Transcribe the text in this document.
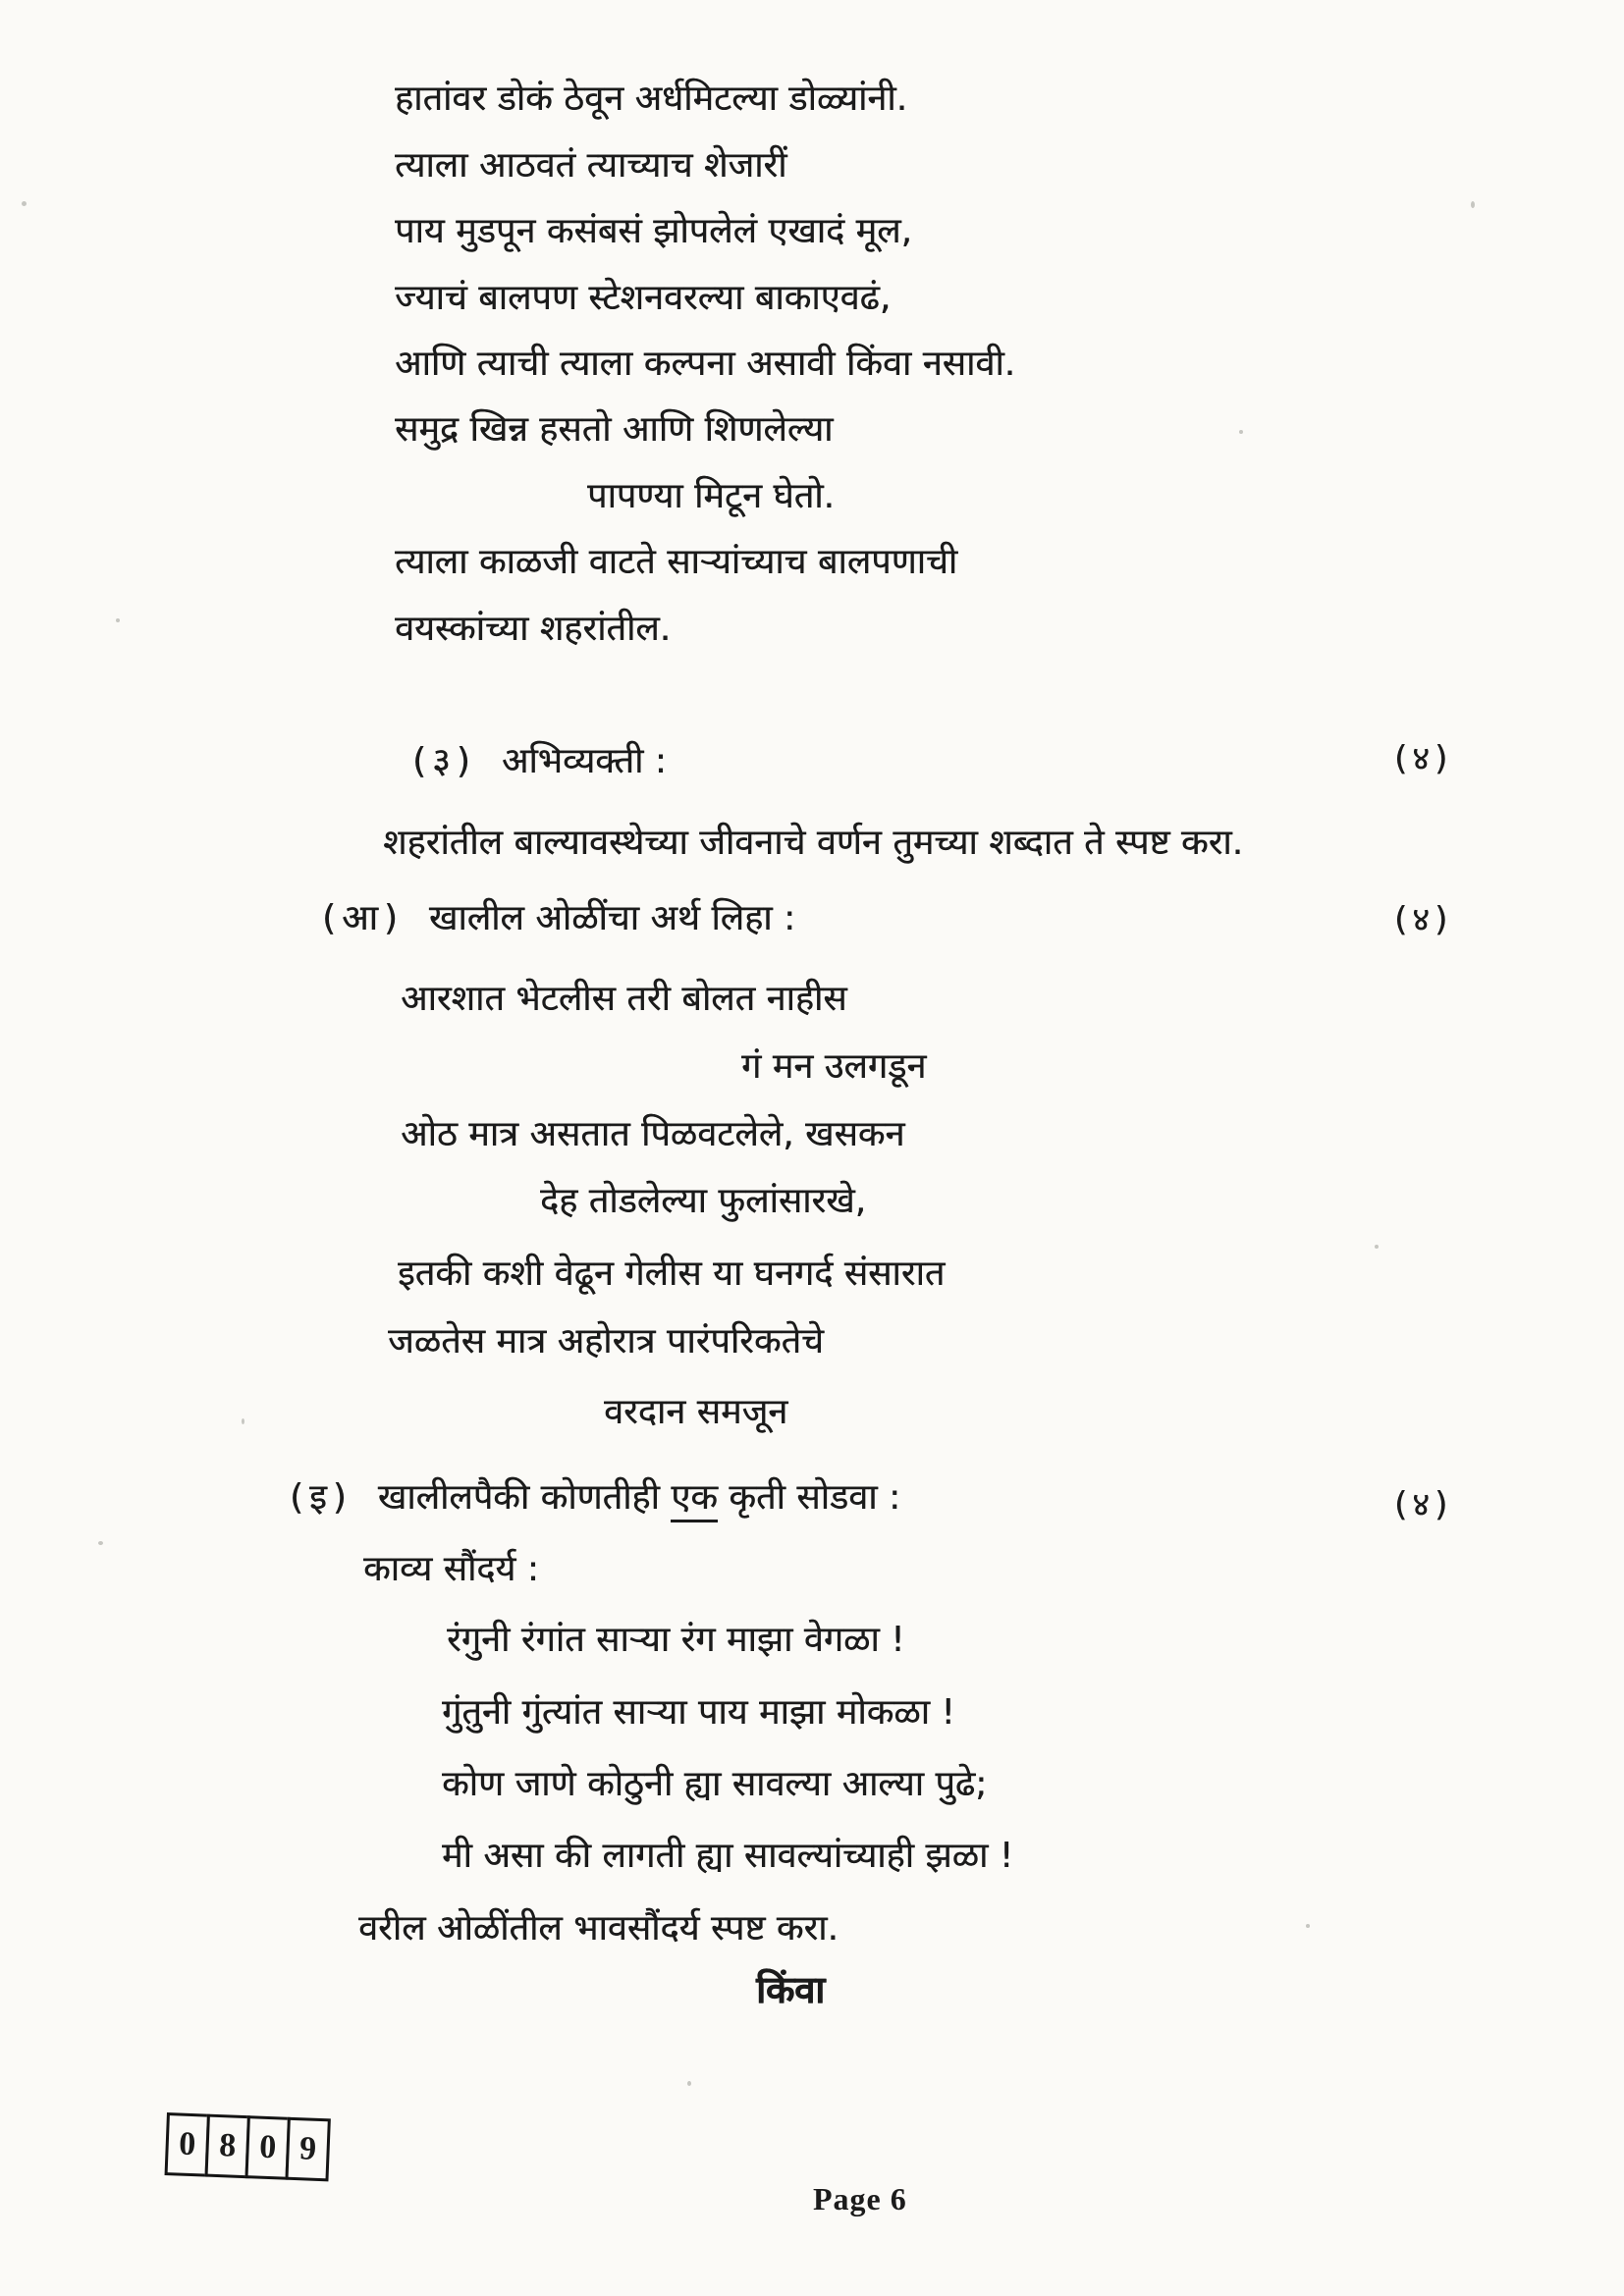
हातांवर डोकं ठेवून अर्धमिटल्या डोळ्यांनी.
त्याला आठवतं त्याच्याच शेजारीं
पाय मुडपून कसंबसं झोपलेलं एखादं मूल,
ज्याचं बालपण स्टेशनवरल्या बाकाएवढं,
आणि त्याची त्याला कल्पना असावी किंवा नसावी.
समुद्र खिन्न हसतो आणि शिणलेल्या
पापण्या मिटून घेतो.
त्याला काळजी वाटते साऱ्यांच्याच बालपणाची
वयस्कांच्या शहरांतील.
(३) अभिव्यक्ती :	(४)
शहरांतील बाल्यावस्थेच्या जीवनाचे वर्णन तुमच्या शब्दात ते स्पष्ट करा.
(आ) खालील ओळींचा अर्थ लिहा :	(४)
आरशात भेटलीस तरी बोलत नाहीस
गं मन उलगडून
ओठ मात्र असतात पिळवटलेले, खसकन
देह तोडलेल्या फुलांसारखे,
इतकी कशी वेढून गेलीस या घनगर्द संसारात
जळतेस मात्र अहोरात्र पारंपरिकतेचे
वरदान समजून
(इ) खालीलपैकी कोणतीही एक कृती सोडवा :	(४)
काव्य सौंदर्य :
रंगुनी रंगांत साऱ्या रंग माझा वेगळा !
गुंतुनी गुंत्यांत साऱ्या पाय माझा मोकळा !
कोण जाणे कोठुनी ह्या सावल्या आल्या पुढे;
मी असा की लागती ह्या सावल्यांच्याही झळा !
वरील ओळींतील भावसौंदर्य स्पष्ट करा.
किंवा
0 8 0 9
Page 6
